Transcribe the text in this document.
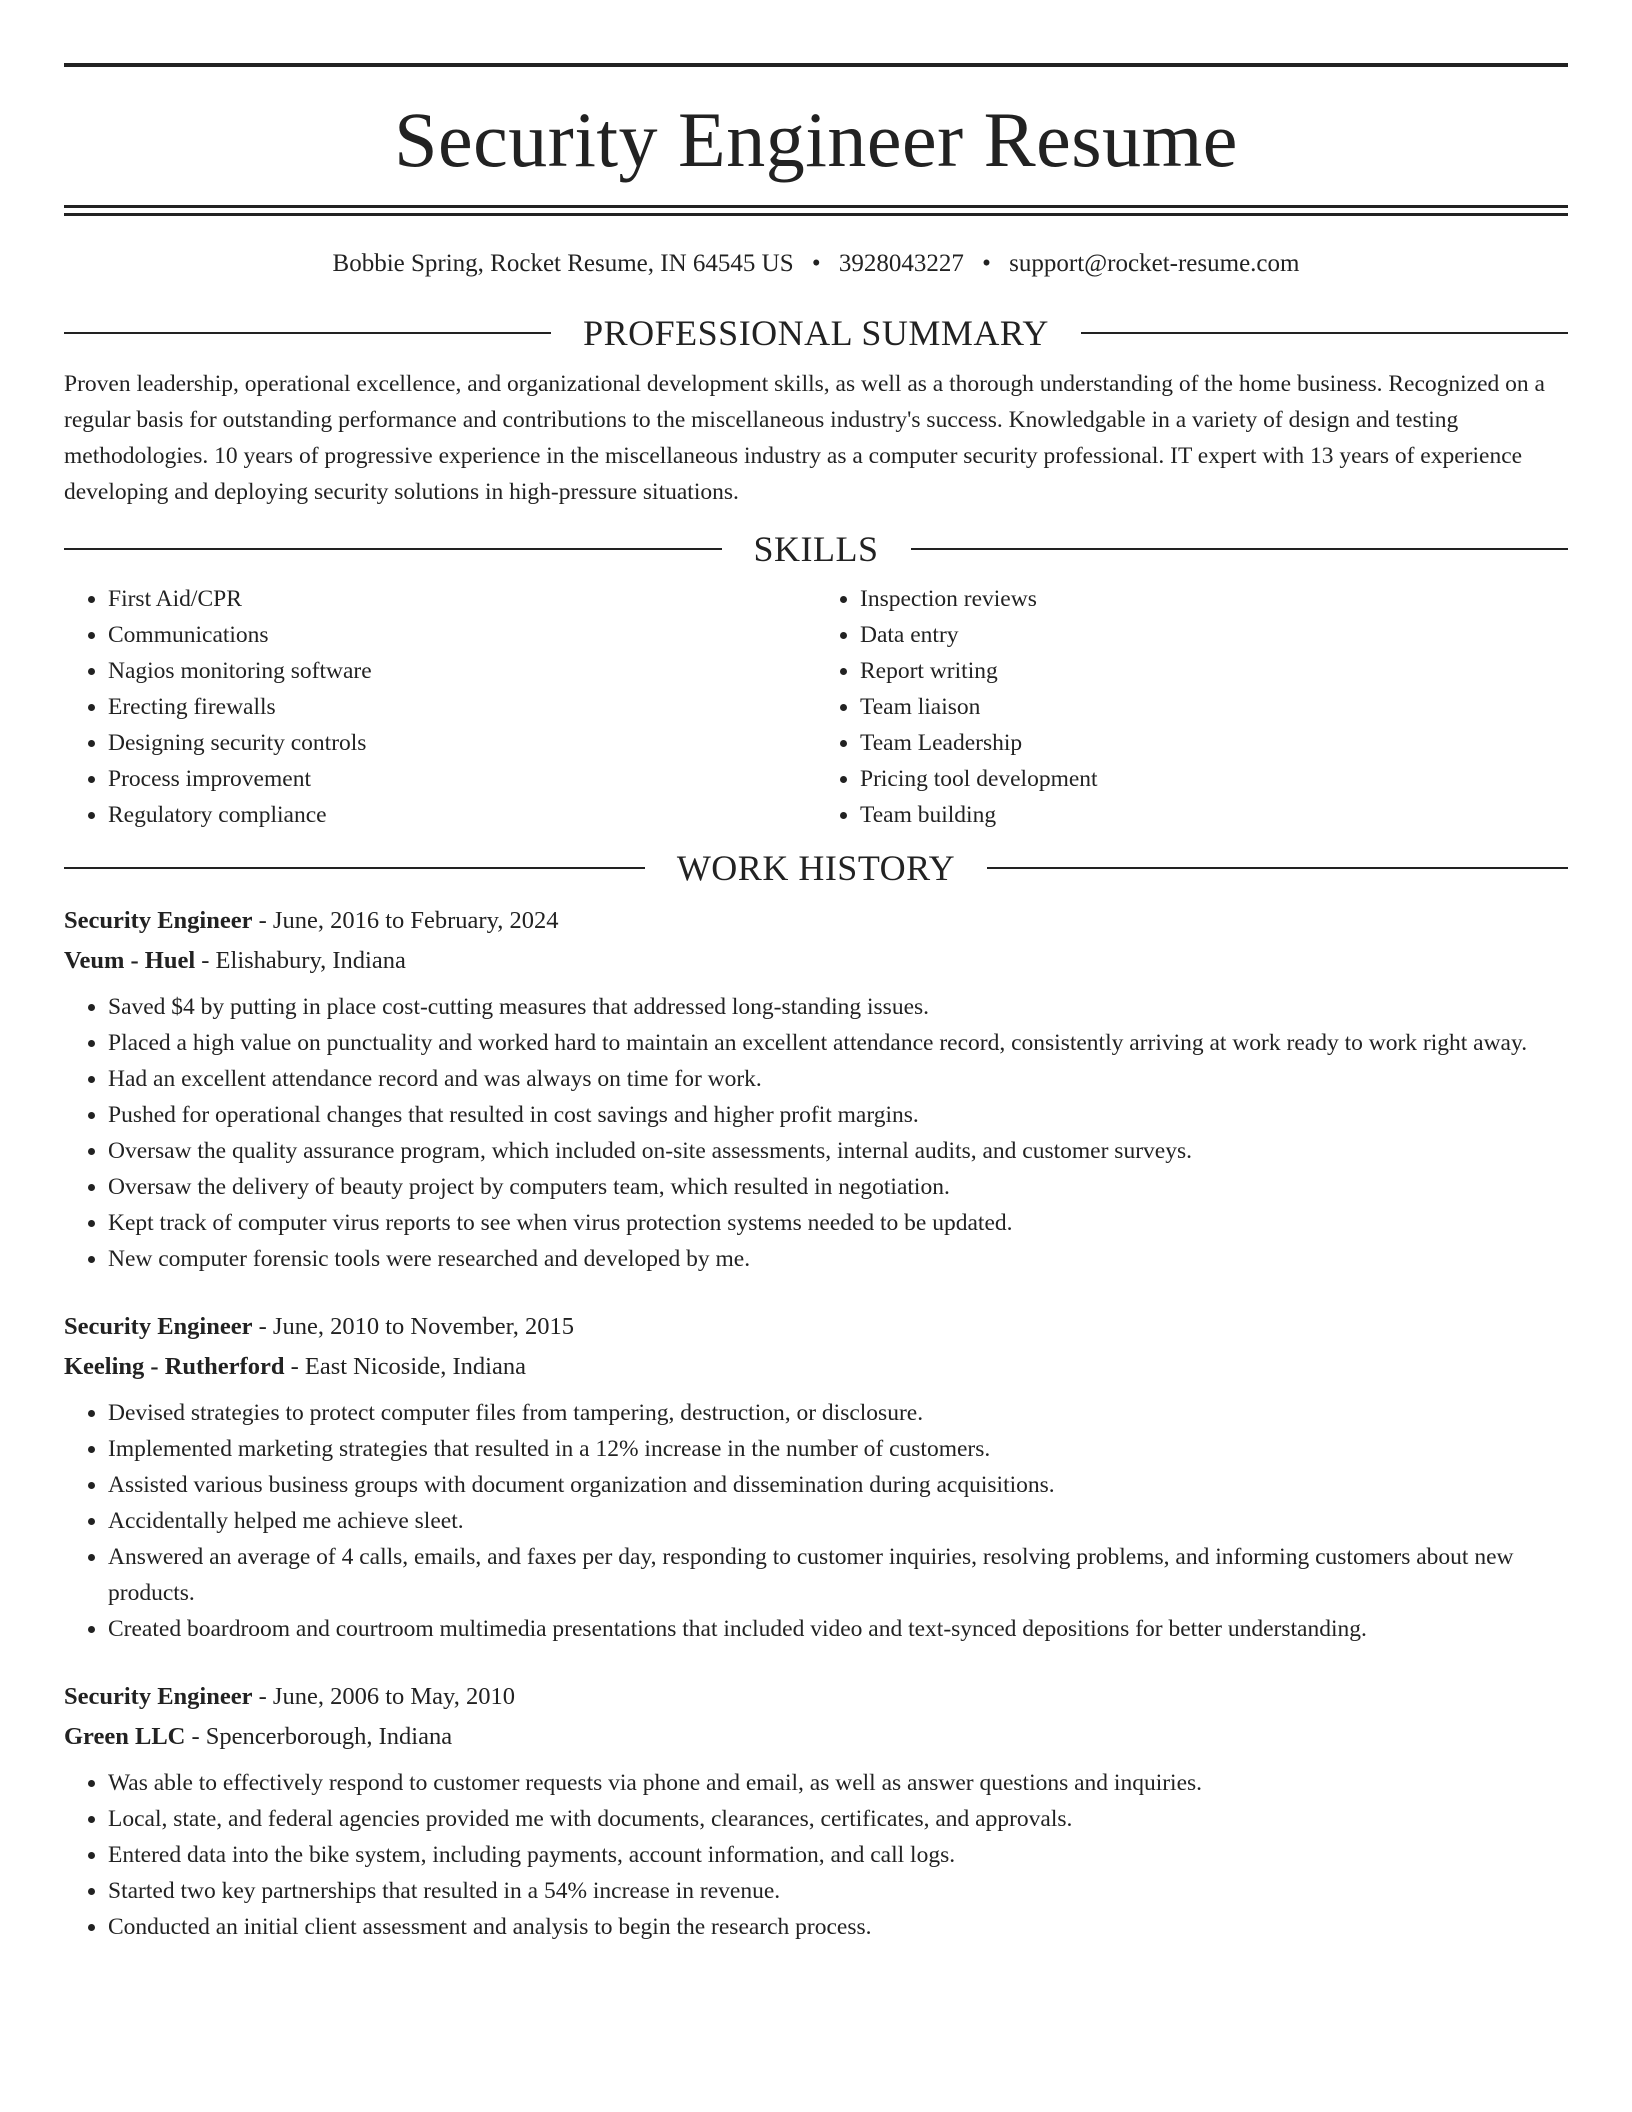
Security Engineer Resume
Bobbie Spring, Rocket Resume, IN 64545 US • 3928043227 • support@rocket-resume.com
PROFESSIONAL SUMMARY
Proven leadership, operational excellence, and organizational development skills, as well as a thorough understanding of the home business. Recognized on a regular basis for outstanding performance and contributions to the miscellaneous industry's success. Knowledgable in a variety of design and testing methodologies. 10 years of progressive experience in the miscellaneous industry as a computer security professional. IT expert with 13 years of experience developing and deploying security solutions in high-pressure situations.
SKILLS
• First Aid/CPR
• Communications
• Nagios monitoring software
• Erecting firewalls
• Designing security controls
• Process improvement
• Regulatory compliance
• Inspection reviews
• Data entry
• Report writing
• Team liaison
• Team Leadership
• Pricing tool development
• Team building
WORK HISTORY
Security Engineer - June, 2016 to February, 2024
Veum - Huel - Elishabury, Indiana
• Saved $4 by putting in place cost-cutting measures that addressed long-standing issues.
• Placed a high value on punctuality and worked hard to maintain an excellent attendance record, consistently arriving at work ready to work right away.
• Had an excellent attendance record and was always on time for work.
• Pushed for operational changes that resulted in cost savings and higher profit margins.
• Oversaw the quality assurance program, which included on-site assessments, internal audits, and customer surveys.
• Oversaw the delivery of beauty project by computers team, which resulted in negotiation.
• Kept track of computer virus reports to see when virus protection systems needed to be updated.
• New computer forensic tools were researched and developed by me.
Security Engineer - June, 2010 to November, 2015
Keeling - Rutherford - East Nicoside, Indiana
• Devised strategies to protect computer files from tampering, destruction, or disclosure.
• Implemented marketing strategies that resulted in a 12% increase in the number of customers.
• Assisted various business groups with document organization and dissemination during acquisitions.
• Accidentally helped me achieve sleet.
• Answered an average of 4 calls, emails, and faxes per day, responding to customer inquiries, resolving problems, and informing customers about new products.
• Created boardroom and courtroom multimedia presentations that included video and text-synced depositions for better understanding.
Security Engineer - June, 2006 to May, 2010
Green LLC - Spencerborough, Indiana
• Was able to effectively respond to customer requests via phone and email, as well as answer questions and inquiries.
• Local, state, and federal agencies provided me with documents, clearances, certificates, and approvals.
• Entered data into the bike system, including payments, account information, and call logs.
• Started two key partnerships that resulted in a 54% increase in revenue.
• Conducted an initial client assessment and analysis to begin the research process.
